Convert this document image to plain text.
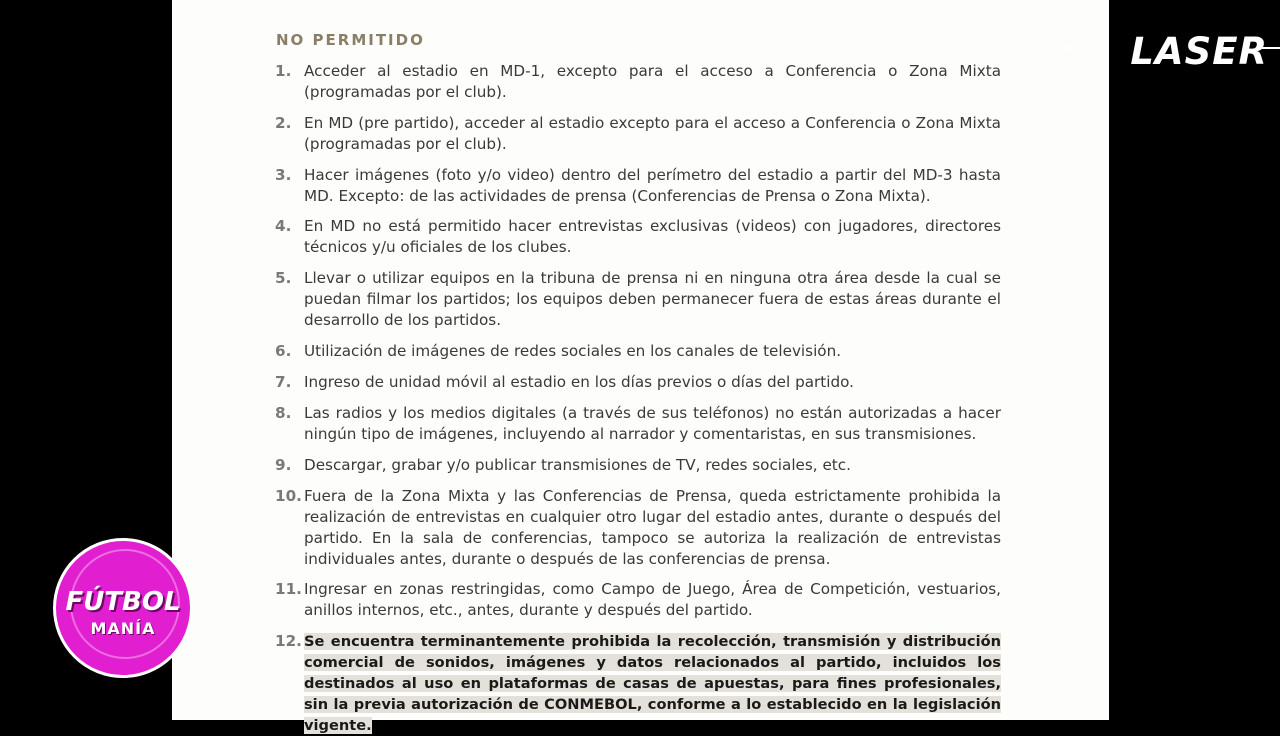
NO PERMITIDO
1. Acceder al estadio en MD-1, excepto para el acceso a Conferencia o Zona Mixta (programadas por el club).
2. En MD (pre partido), acceder al estadio excepto para el acceso a Conferencia o Zona Mixta (programadas por el club).
3. Hacer imágenes (foto y/o video) dentro del perímetro del estadio a partir del MD-3 hasta MD. Excepto: de las actividades de prensa (Conferencias de Prensa o Zona Mixta).
4. En MD no está permitido hacer entrevistas exclusivas (videos) con jugadores, directores técnicos y/u oficiales de los clubes.
5. Llevar o utilizar equipos en la tribuna de prensa ni en ninguna otra área desde la cual se puedan filmar los partidos; los equipos deben permanecer fuera de estas áreas durante el desarrollo de los partidos.
6. Utilización de imágenes de redes sociales en los canales de televisión.
7. Ingreso de unidad móvil al estadio en los días previos o días del partido.
8. Las radios y los medios digitales (a través de sus teléfonos) no están autorizadas a hacer ningún tipo de imágenes, incluyendo al narrador y comentaristas, en sus transmisiones.
9. Descargar, grabar y/o publicar transmisiones de TV, redes sociales, etc.
10. Fuera de la Zona Mixta y las Conferencias de Prensa, queda estrictamente prohibida la realización de entrevistas en cualquier otro lugar del estadio antes, durante o después del partido. En la sala de conferencias, tampoco se autoriza la realización de entrevistas individuales antes, durante o después de las conferencias de prensa.
11. Ingresar en zonas restringidas, como Campo de Juego, Área de Competición, vestuarios, anillos internos, etc., antes, durante y después del partido.
12. Se encuentra terminantemente prohibida la recolección, transmisión y distribución comercial de sonidos, imágenes y datos relacionados al partido, incluidos los destinados al uso en plataformas de casas de apuestas, para fines profesionales, sin la previa autorización de CONMEBOL, conforme a lo establecido en la legislación vigente.
LASER
FÚTBOL
MANÍA
